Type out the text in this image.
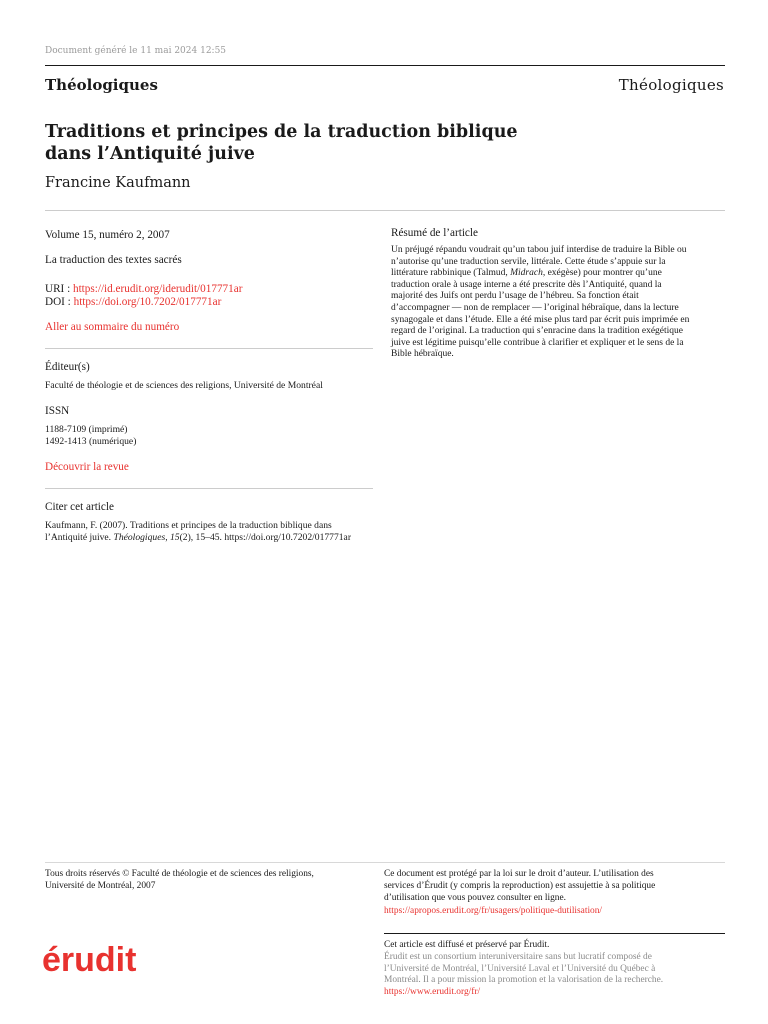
Document généré le 11 mai 2024 12:55
Théologiques	Théologiques
Traditions et principes de la traduction biblique dans l’Antiquité juive
Francine Kaufmann
Volume 15, numéro 2, 2007
La traduction des textes sacrés
URI : https://id.erudit.org/iderudit/017771ar
DOI : https://doi.org/10.7202/017771ar
Aller au sommaire du numéro
Éditeur(s)
Faculté de théologie et de sciences des religions, Université de Montréal
ISSN
1188-7109 (imprimé)
1492-1413 (numérique)
Découvrir la revue
Citer cet article
Kaufmann, F. (2007). Traditions et principes de la traduction biblique dans
l’Antiquité juive. Théologiques, 15(2), 15–45. https://doi.org/10.7202/017771ar
Résumé de l’article
Un préjugé répandu voudrait qu’un tabou juif interdise de traduire la Bible ou
n’autorise qu’une traduction servile, littérale. Cette étude s’appuie sur la
littérature rabbinique (Talmud, Midrach, exégèse) pour montrer qu’une
traduction orale à usage interne a été prescrite dès l’Antiquité, quand la
majorité des Juifs ont perdu l’usage de l’hébreu. Sa fonction était
d’accompagner — non de remplacer — l’original hébraïque, dans la lecture
synagogale et dans l’étude. Elle a été mise plus tard par écrit puis imprimée en
regard de l’original. La traduction qui s’enracine dans la tradition exégétique
juive est légitime puisqu’elle contribue à clarifier et expliquer et le sens de la
Bible hébraïque.
Tous droits réservés © Faculté de théologie et de sciences des religions,
Université de Montréal, 2007
Ce document est protégé par la loi sur le droit d’auteur. L’utilisation des
services d’Érudit (y compris la reproduction) est assujettie à sa politique
d’utilisation que vous pouvez consulter en ligne.
https://apropos.erudit.org/fr/usagers/politique-dutilisation/
Cet article est diffusé et préservé par Érudit.
Érudit est un consortium interuniversitaire sans but lucratif composé de
l’Université de Montréal, l’Université Laval et l’Université du Québec à
Montréal. Il a pour mission la promotion et la valorisation de la recherche.
https://www.erudit.org/fr/
érudit
